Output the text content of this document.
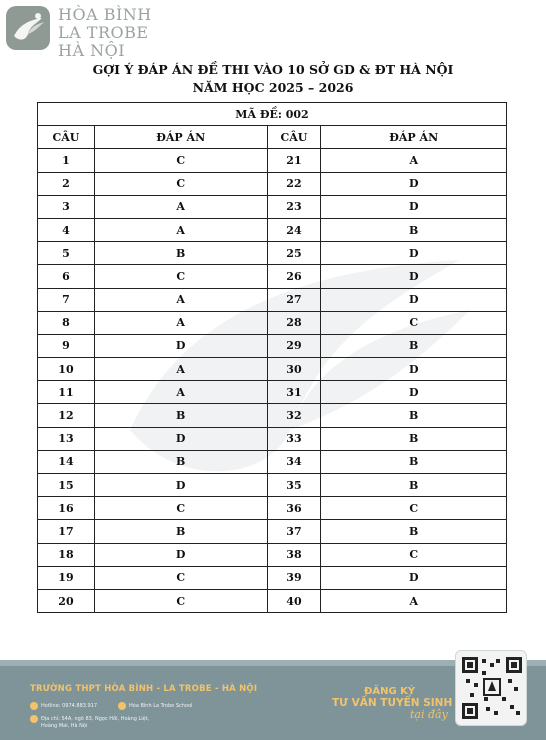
HÒA BÌNH
LA TROBE
HÀ NỘI
GỢI Ý ĐÁP ÁN ĐỀ THI VÀO 10 SỞ GD & ĐT HÀ NỘI
NĂM HỌC 2025 – 2026
MÃ ĐỀ: 002			
CÂU	ĐÁP ÁN	CÂU	ĐÁP ÁN
1	C	21	A
2	C	22	D
3	A	23	D
4	A	24	B
5	B	25	D
6	C	26	D
7	A	27	D
8	A	28	C
9	D	29	B
10	A	30	D
11	A	31	D
12	B	32	B
13	D	33	B
14	B	34	B
15	D	35	B
16	C	36	C
17	B	37	B
18	D	38	C
19	C	39	D
20	C	40	A
TRƯỜNG THPT HÒA BÌNH - LA TROBE - HÀ NỘI
Hotline: 0974.883.917	Hòa Bình La Trobe School
Địa chỉ: 54A, ngõ 83, Ngọc Hồi, Hoàng Liệt,
Hoàng Mai, Hà Nội
ĐĂNG KÝ
TƯ VẤN TUYỂN SINH
tại đây
